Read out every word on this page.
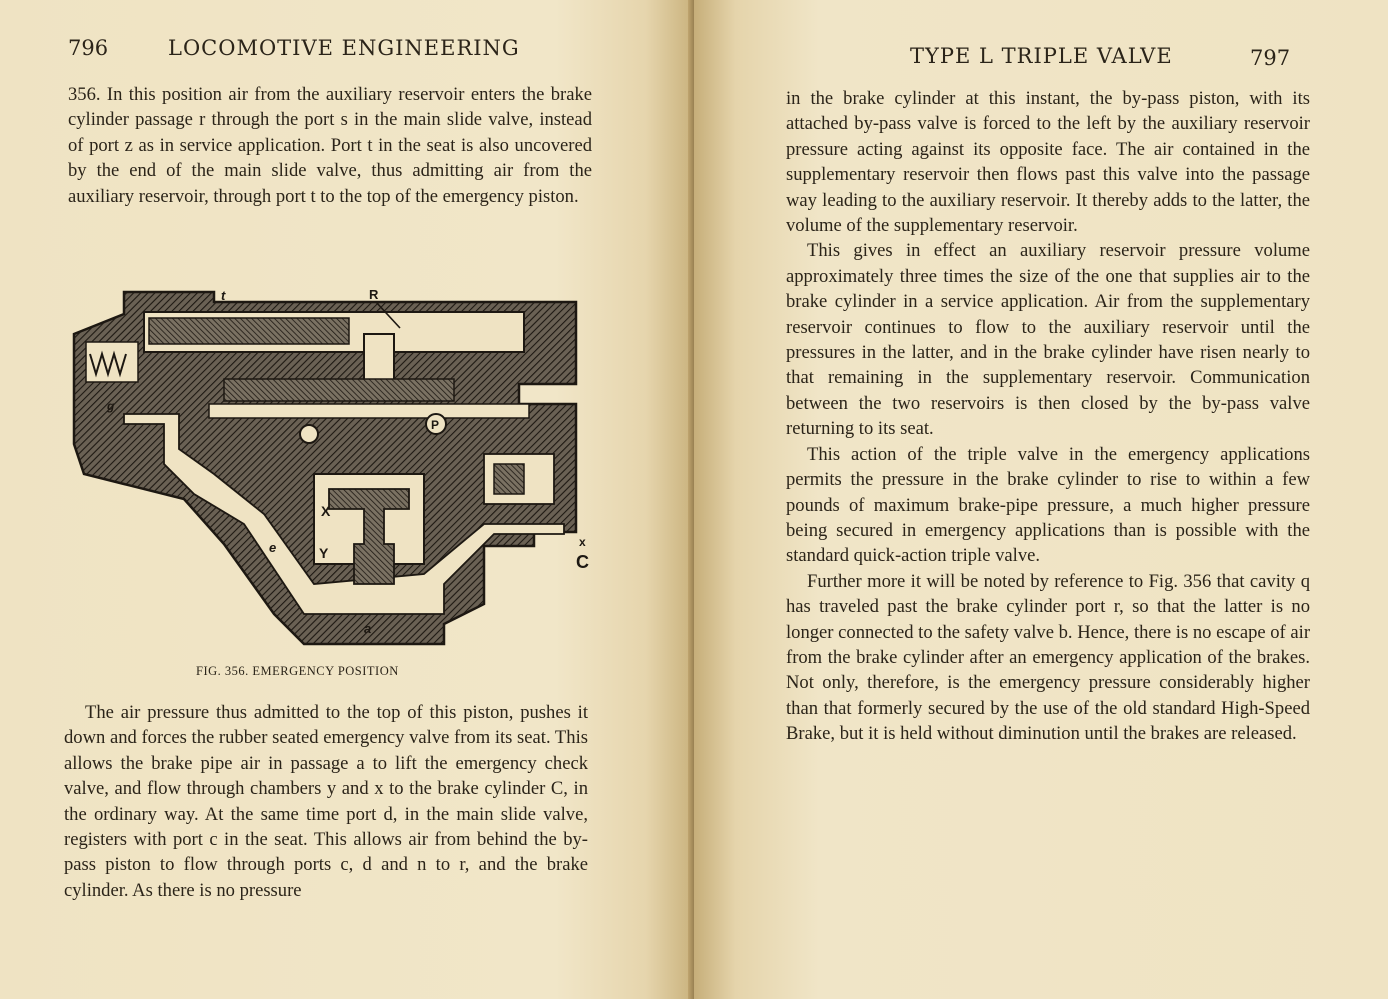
796	LOCOMOTIVE ENGINEERING

356. In this position air from the auxiliary reservoir enters the brake cylinder passage r through the port s in the main slide valve, instead of port z as in service application. Port t in the seat is also uncovered by the end of the main slide valve, thus admitting air from the auxiliary reservoir, through port t to the top of the emergency piston.

t	R
g
P
X
Y
e
a
x
C
FIG. 356. EMERGENCY POSITION

The air pressure thus admitted to the top of this piston, pushes it down and forces the rubber seated emergency valve from its seat. This allows the brake pipe air in passage a to lift the emergency check valve, and flow through chambers y and x to the brake cylinder C, in the ordinary way. At the same time port d, in the main slide valve, registers with port c in the seat. This allows air from behind the by-pass piston to flow through ports c, d and n to r, and the brake cylinder. As there is no pressure

TYPE L TRIPLE VALVE	797

in the brake cylinder at this instant, the by-pass piston, with its attached by-pass valve is forced to the left by the auxiliary reservoir pressure acting against its opposite face. The air contained in the supplementary reservoir then flows past this valve into the passage way leading to the auxiliary reservoir. It thereby adds to the latter, the volume of the supplementary reservoir.

This gives in effect an auxiliary reservoir pressure volume approximately three times the size of the one that supplies air to the brake cylinder in a service application. Air from the supplementary reservoir continues to flow to the auxiliary reservoir until the pressures in the latter, and in the brake cylinder have risen nearly to that remaining in the supplementary reservoir. Communication between the two reservoirs is then closed by the by-pass valve returning to its seat.

This action of the triple valve in the emergency applications permits the pressure in the brake cylinder to rise to within a few pounds of maximum brake-pipe pressure, a much higher pressure being secured in emergency applications than is possible with the standard quick-action triple valve.

Further more it will be noted by reference to Fig. 356 that cavity q has traveled past the brake cylinder port r, so that the latter is no longer connected to the safety valve b. Hence, there is no escape of air from the brake cylinder after an emergency application of the brakes. Not only, therefore, is the emergency pressure considerably higher than that formerly secured by the use of the old standard High-Speed Brake, but it is held without diminution until the brakes are released.
